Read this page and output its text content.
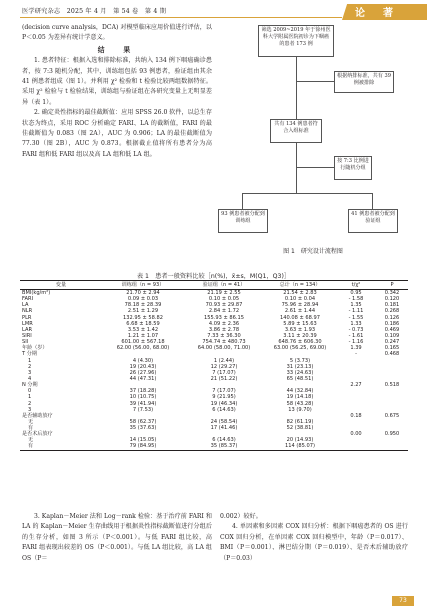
医学研究杂志　 2025 年 4 月　第 54 卷　第 4 期	论　著

(decision curve analysis，DCA) 对模型临床应用价值进行评估，以 P＜0.05 为差异有统计学意义。

结　果

1. 患者特征：根据入选和排除标准，共纳入 134 例下咽癌确诊患者，按 7:3 随机分配，其中，训练组包括 93 例患者，验证组由其余 41 例患者组成（图 1）。并利用 χ² 检验和 t 检验比较两组数据特征。采用 χ² 检验与 t 检验结果，训练组与验证组在各研究变量上无明显差异（表 1）。

2. 确定炎性指标的最佳截断值：应用 SPSS 26.0 软件，以总生存状态为终点，采用 ROC 分析确定 FARI、LA 的截断值，FARI 的最佳截断值为 0.083（图 2A），AUC 为 0.906；LA 的最佳截断值为 77.30（图 2B），AUC 为 0.873。根据截止值将所有患者分为高 FARI 组和低 FARI 组以及高 LA 组和低 LA 组。

筛选 2009~2019 年于徐州医科大学附属医院初诊为下咽癌的患者 173 例
根据纳排标准，共有 39 例被排除
共有 134 例患者符合入组标准
按 7:3 比例进行随机分组
93 例患者被分配到训练组
41 例患者被分配到验证组
图 1　研究设计流程图
表 1　患者一般资料比较［n(%)，x̄±s，M(Q1，Q3)］
变量	训练组（n = 93）	验证组（n = 41）	总计（n = 134）	t/χ²	P
BMI(kg/m²)	21.70 ± 2.94	21.19 ± 2.55	21.54 ± 2.83	0.95	0.342
FARI	0.09 ± 0.03	0.10 ± 0.05	0.10 ± 0.04	- 1.58	0.120
LA	78.18 ± 28.39	70.93 ± 29.87	75.96 ± 28.94	1.35	0.181
NLR	2.51 ± 1.29	2.84 ± 1.72	2.61 ± 1.44	- 1.11	0.268
PLR	132.95 ± 58.82	155.93 ± 86.15	140.08 ± 68.97	- 1.55	0.126
LMR	6.68 ± 18.59	4.09 ± 2.36	5.89 ± 15.63	1.33	0.186
LAR	3.53 ± 1.42	3.86 ± 2.78	3.63 ± 1.93	- 0.73	0.469
SIRI	1.21 ± 1.07	7.33 ± 36.30	3.11 ± 20.39	- 1.61	0.109
SII	601.00 ± 567.18	754.74 ± 480.73	648.76 ± 606.30	- 1.16	0.247
年龄（岁）	62.00 (56.00, 68.00)	64.00 (58.00, 71.00)	63.00 (56.25, 69.00)	1.39	0.165
T 分期				-	0.468
1	4 (4.30)	1 (2.44)	5 (3.73)		
2	19 (20.43)	12 (29.27)	31 (23.13)		
3	26 (27.96)	7 (17.07)	33 (24.63)		
4	44 (47.31)	21 (51.22)	65 (48.51)		
N 分期				2.27	0.518
0	37 (18.28)	7 (17.07)	44 (32.84)		
1	10 (10.75)	9 (21.95)	19 (14.18)		
2	39 (41.94)	19 (46.34)	58 (43.28)		
3	7 (7.53)	6 (14.63)	13 (9.70)		
是否辅助放疗				0.18	0.675
无	58 (62.37)	24 (58.54)	82 (61.19)		
有	35 (37.63)	17 (41.46)	52 (38.81)		
是否术后放疗				0.00	0.950
无	14 (15.05)	6 (14.63)	20 (14.93)		
有	79 (84.95)	35 (85.37)	114 (85.07)		

3. Kaplan－Meier 法和 Log－rank 检验：基于治疗前 FARI 和 LA 的 Kaplan－Meier 生存曲线用于根据炎性指标截断值进行分组后的生存分析，如图 3 所示（P＜0.001）。与低 FARI 组比较，高 FARI 组表现出较差的 OS（P＜0.001）。与低 LA 组比较，高 LA 组 OS（P＝

0.002）较好。

4. 单因素和多因素 COX 回归分析：根据下咽癌患者的 OS 进行 COX 回归分析，在单因素 COX 回归模型中，年龄（P＝0.017）、BMI（P＝0.001）、淋巴结分期（P＝0.019）、是否术后辅助放疗（P＝0.03）

73
